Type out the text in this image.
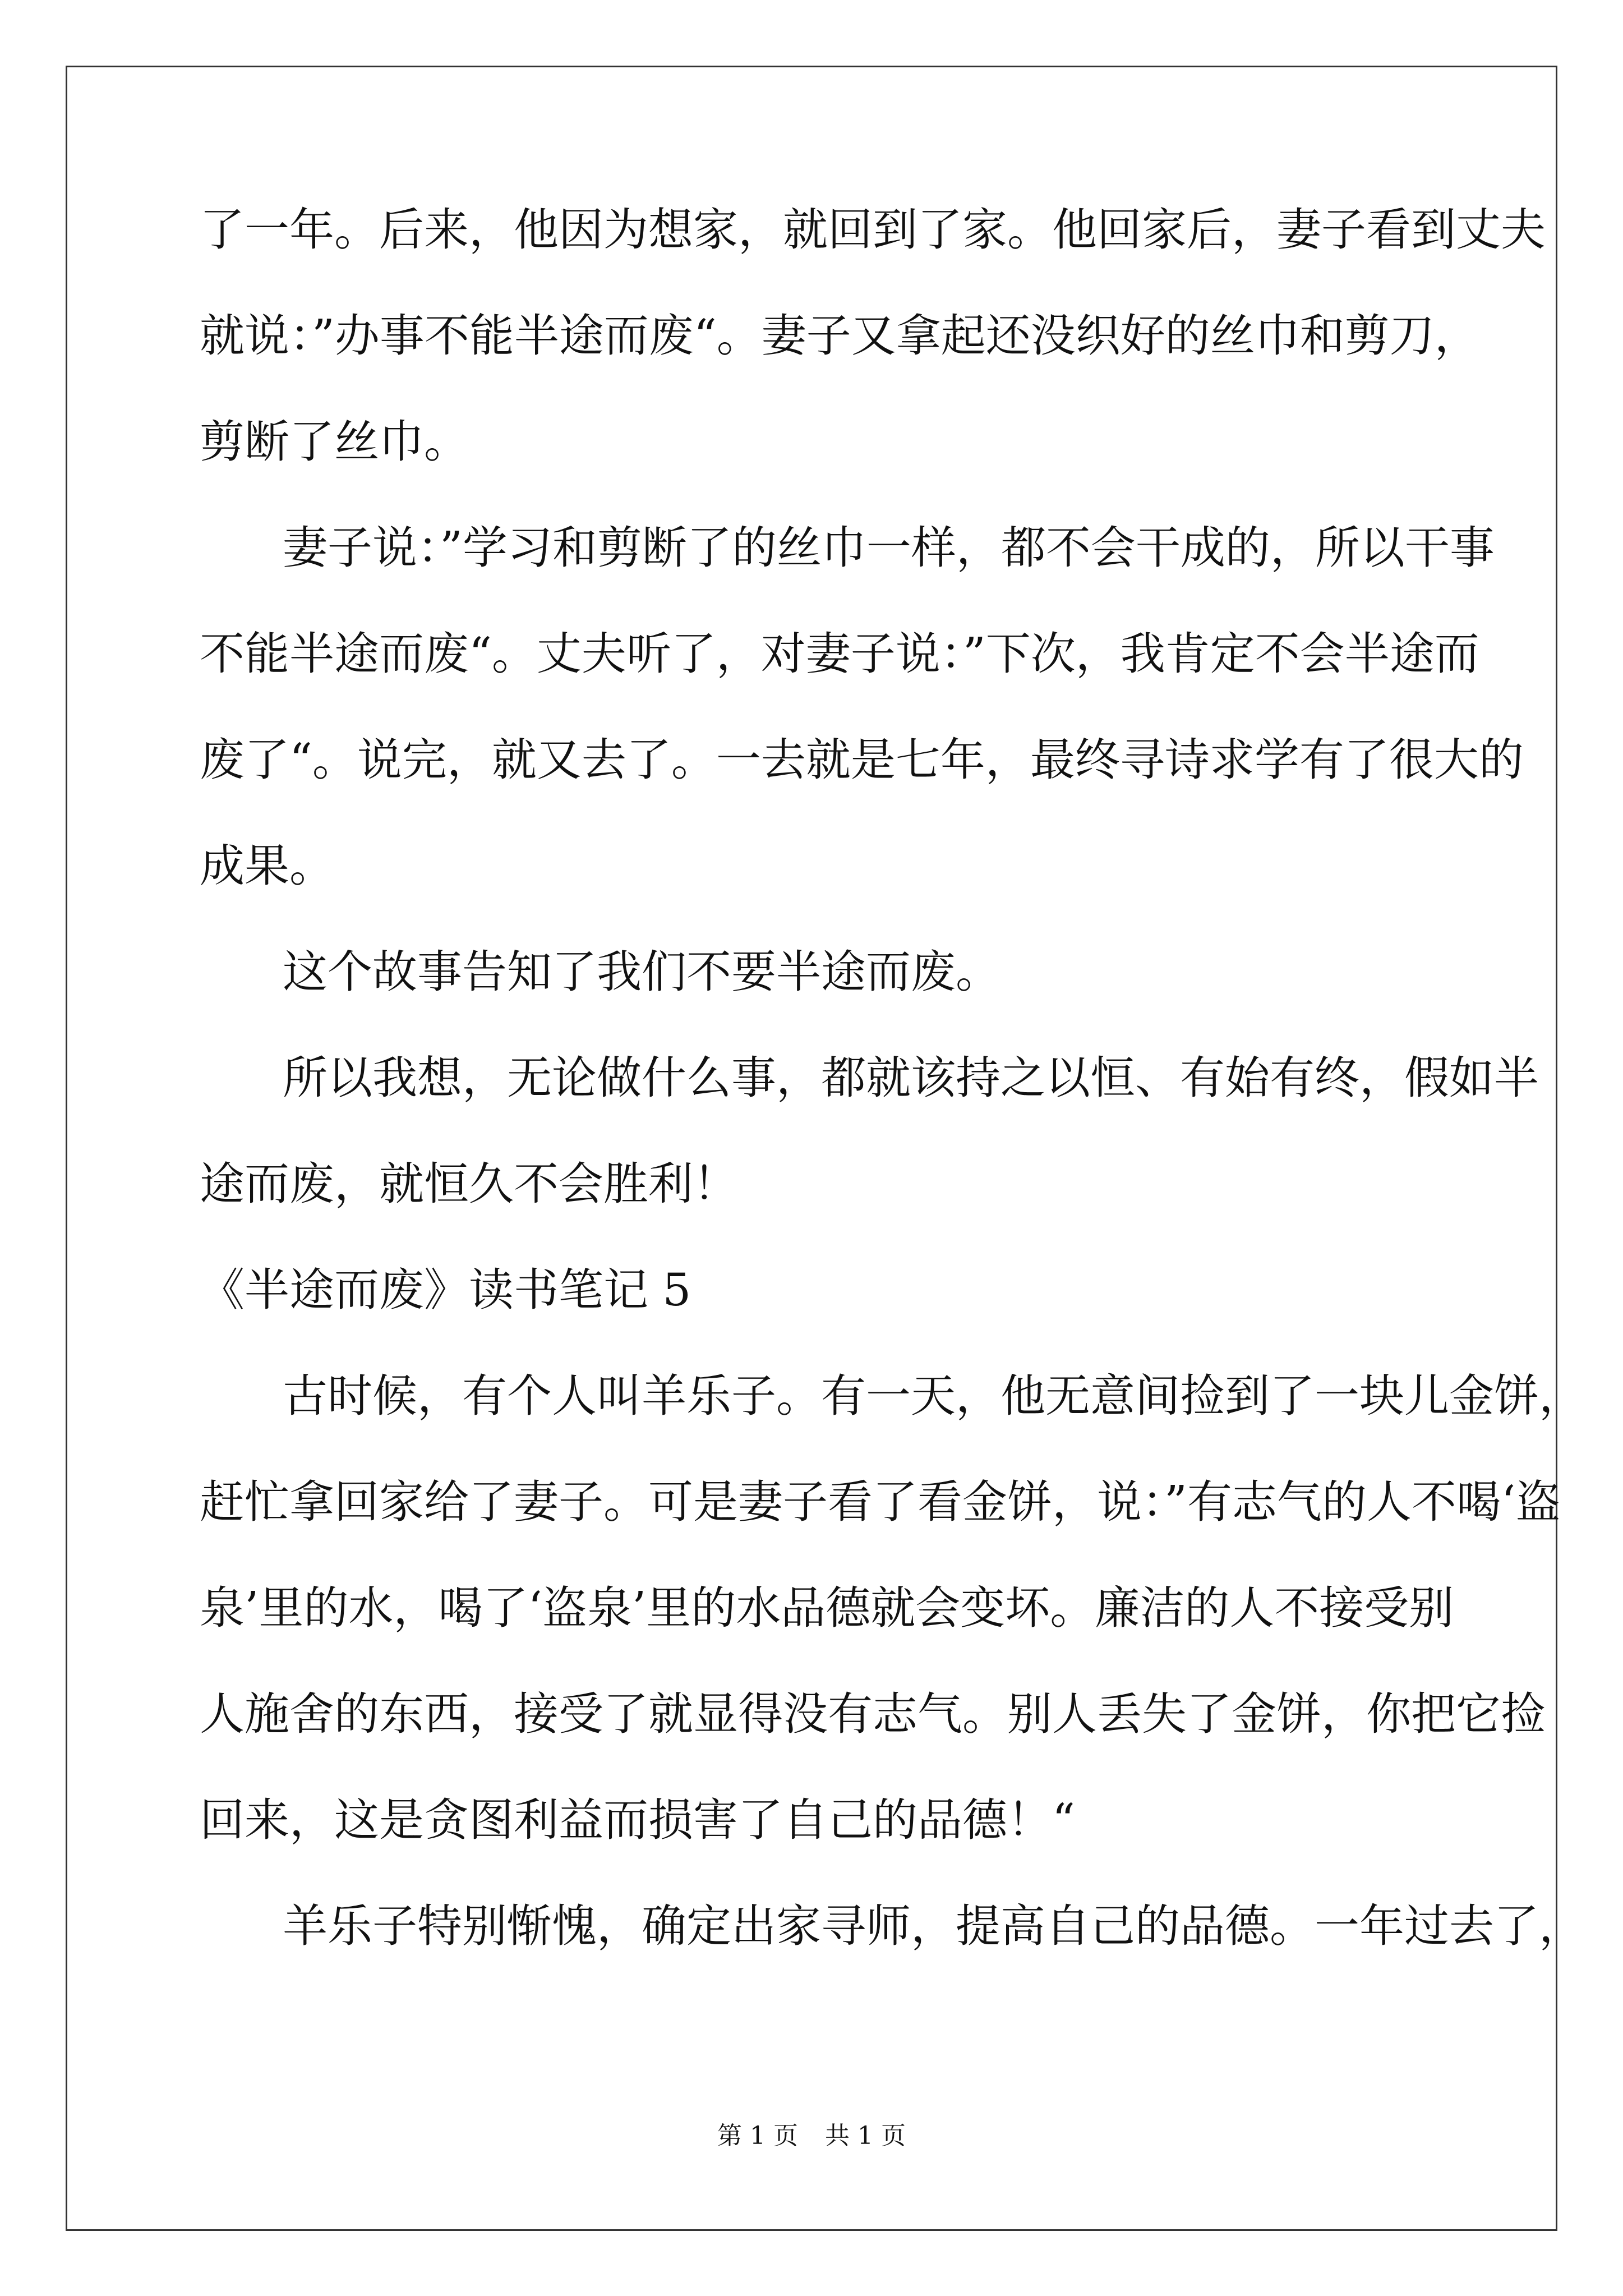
了一年。后来，他因为想家，就回到了家。他回家后，妻子看到丈夫
就说：”办事不能半途而废“。妻子又拿起还没织好的丝巾和剪刀，
剪断了丝巾。
妻子说：”学习和剪断了的丝巾一样，都不会干成的，所以干事
不能半途而废“。丈夫听了，对妻子说：”下次，我肯定不会半途而
废了“。说完，就又去了。一去就是七年，最终寻诗求学有了很大的
成果。
这个故事告知了我们不要半途而废。
所以我想，无论做什么事，都就该持之以恒、有始有终，假如半
途而废，就恒久不会胜利！
《半途而废》读书笔记 5
古时候，有个人叫羊乐子。有一天，他无意间捡到了一块儿金饼，
赶忙拿回家给了妻子。可是妻子看了看金饼，说：”有志气的人不喝‘盗
泉’里的水，喝了‘盗泉’里的水品德就会变坏。廉洁的人不接受别
人施舍的东西，接受了就显得没有志气。别人丢失了金饼，你把它捡
回来，这是贪图利益而损害了自己的品德！“
羊乐子特别惭愧，确定出家寻师，提高自己的品德。一年过去了，
第 1 页 共 1 页
